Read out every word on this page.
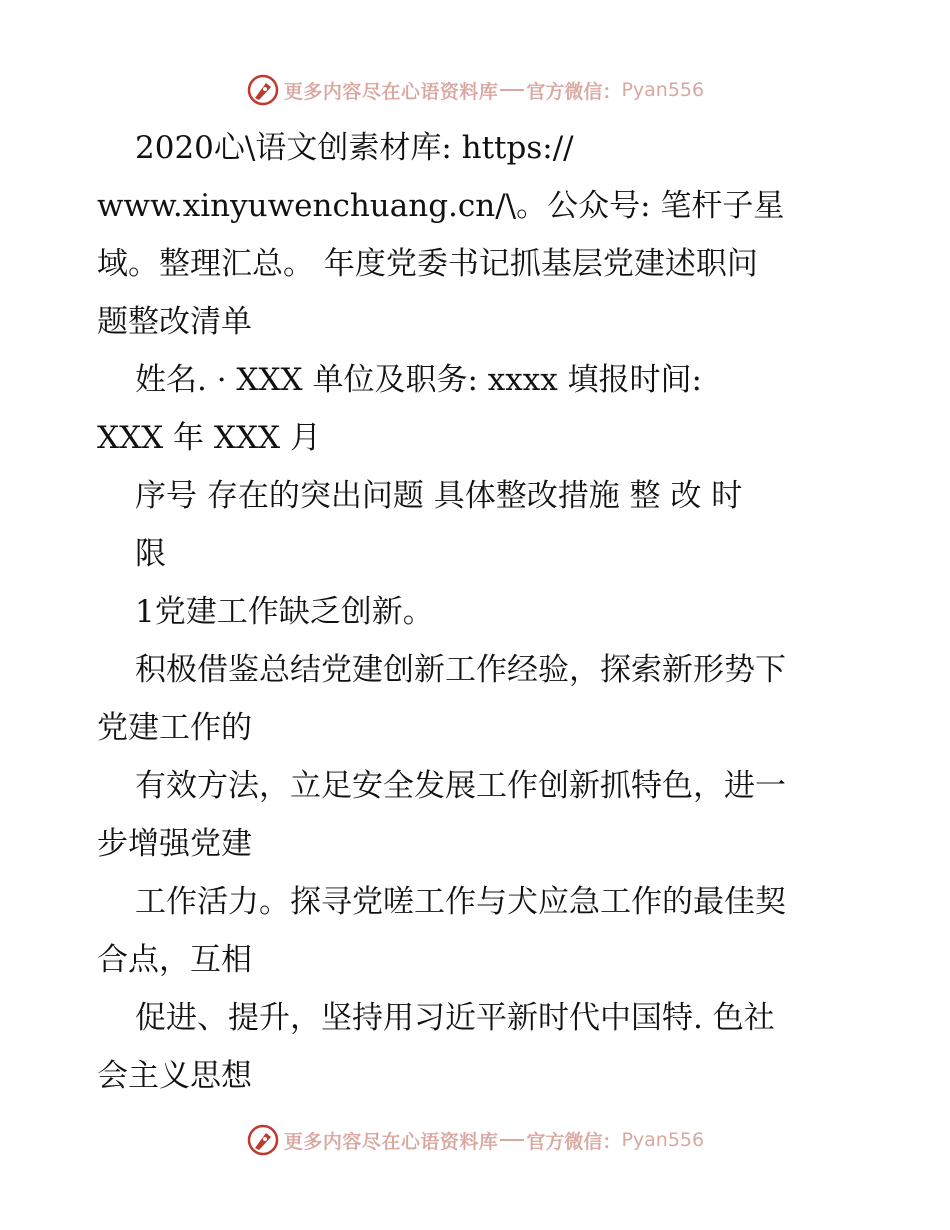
更多内容尽在心语资料库 官方微信： Pyan556
2020心\语文创素材库: https://
www.xinyuwenchuang.cn/\。公众号: 笔杆子星
域。整理汇总。 年度党委书记抓基层党建述职问
题整改清单
姓名. · XXX 单位及职务: xxxx 填报时间:
XXX 年 XXX 月
序号 存在的突出问题 具体整改措施 整 改 时
限
1党建工作缺乏创新。
积极借鉴总结党建创新工作经验，探索新形势下
党建工作的
有效方法，立足安全发展工作创新抓特色，进一
步增强党建
工作活力。探寻党嗟工作与犬应急工作的最佳契
合点，互相
促进、提升，坚持用习近平新时代中国特. 色社
会主义思想
更多内容尽在心语资料库 官方微信： Pyan556
